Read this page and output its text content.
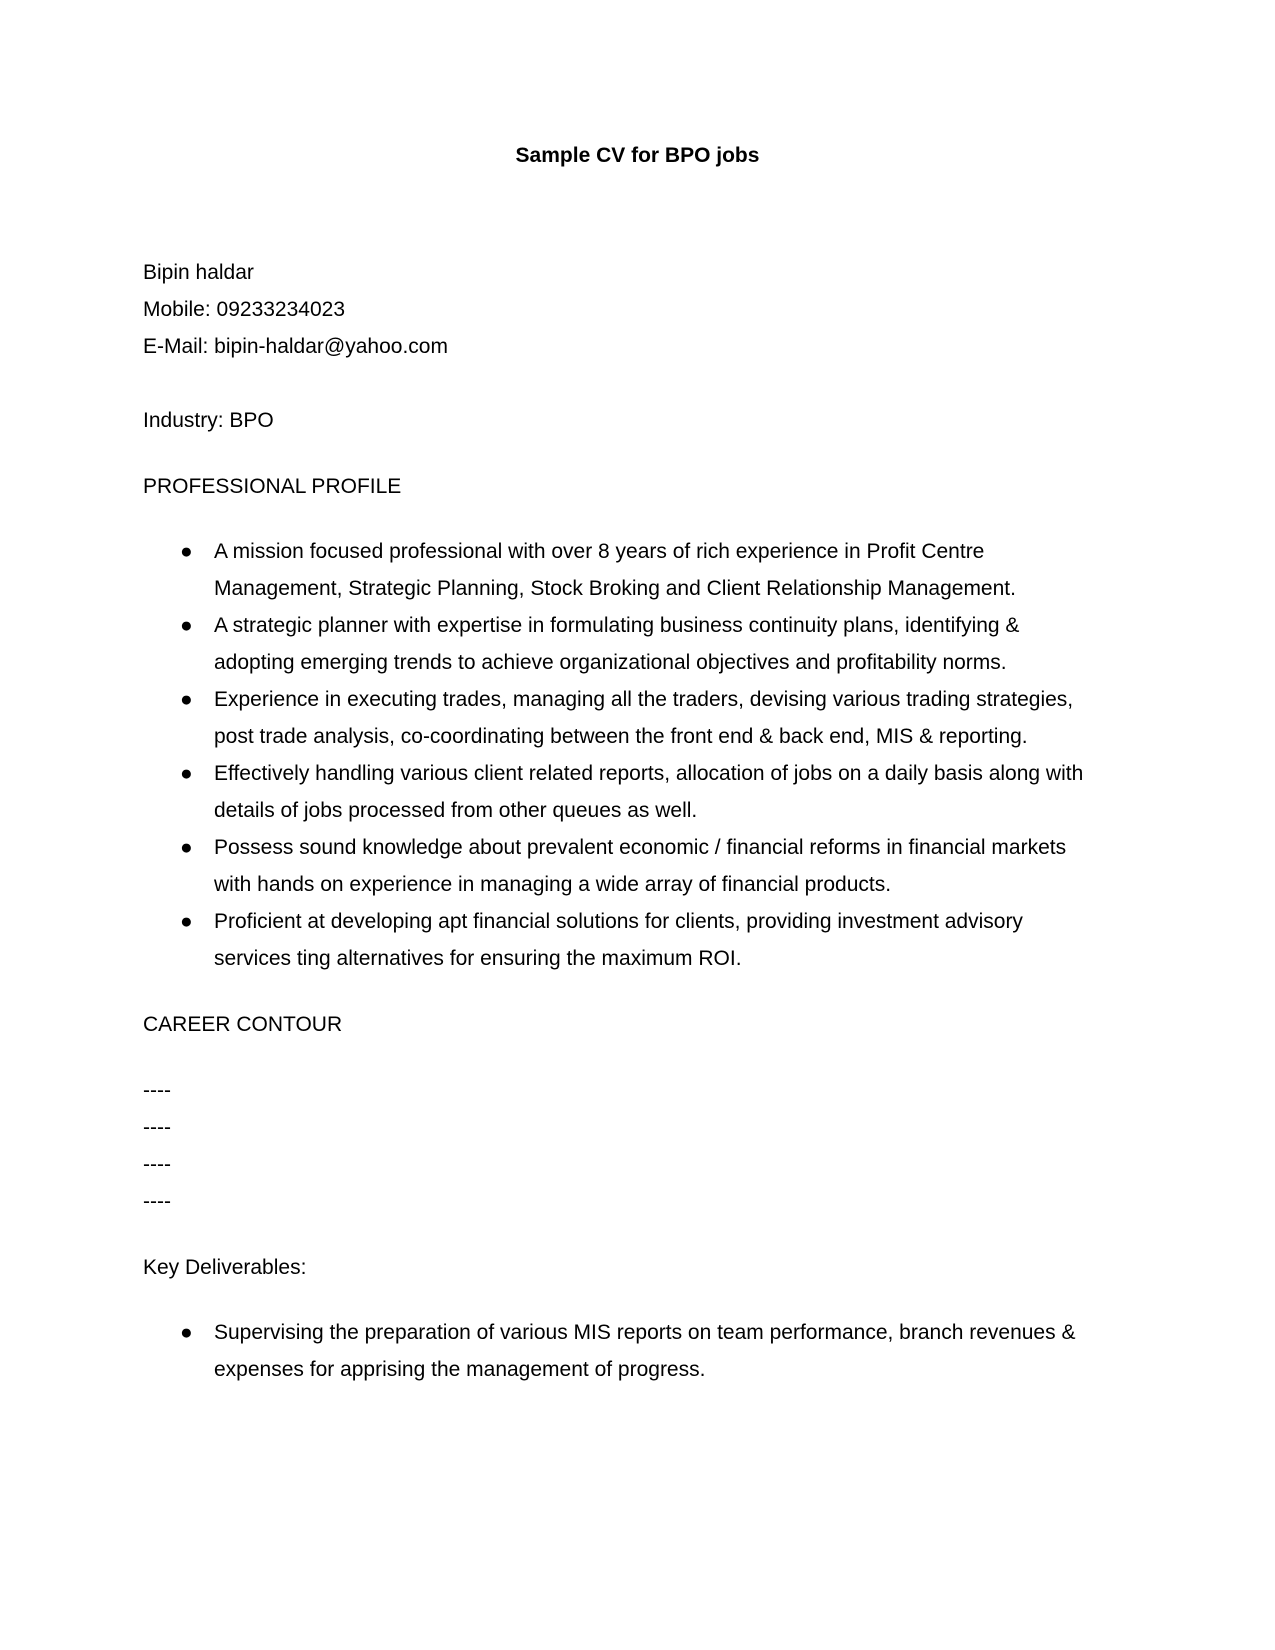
Sample CV for BPO jobs

Bipin haldar

Mobile: 09233234023

E-Mail: bipin-haldar@yahoo.com

Industry: BPO

PROFESSIONAL PROFILE

● A mission focused professional with over 8 years of rich experience in Profit Centre Management, Strategic Planning, Stock Broking and Client Relationship Management.
● A strategic planner with expertise in formulating business continuity plans, identifying & adopting emerging trends to achieve organizational objectives and profitability norms.
● Experience in executing trades, managing all the traders, devising various trading strategies, post trade analysis, co-coordinating between the front end & back end, MIS & reporting.
● Effectively handling various client related reports, allocation of jobs on a daily basis along with details of jobs processed from other queues as well.
● Possess sound knowledge about prevalent economic / financial reforms in financial markets with hands on experience in managing a wide array of financial products.
● Proficient at developing apt financial solutions for clients, providing investment advisory services ting alternatives for ensuring the maximum ROI.

CAREER CONTOUR

----

----

----

----

Key Deliverables:

● Supervising the preparation of various MIS reports on team performance, branch revenues & expenses for apprising the management of progress.
